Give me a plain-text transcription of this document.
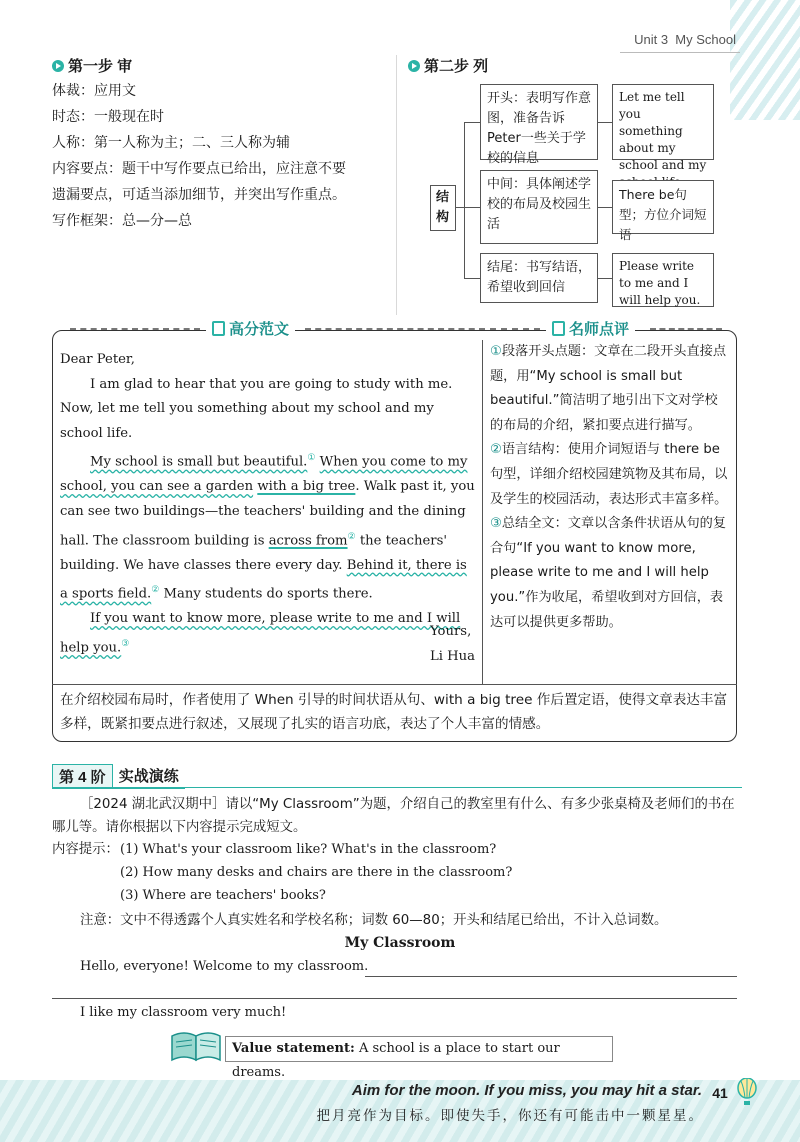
Unit 3 My School
第一步 审
体裁：应用文
时态：一般现在时
人称：第一人称为主；二、三人称为辅
内容要点：题干中写作要点已给出，应注意不要
遗漏要点，可适当添加细节，并突出写作重点。
写作框架：总—分—总
第二步 列
结构
开头：表明写作意图，准备告诉Peter一些关于学校的信息
中间：具体阐述学校的布局及校园生活
结尾：书写结语，希望收到回信
Let me tell you something about my school and my
There be句型；方位介词短语
Please write to me and I will help you.
高分范文	名师点评

Dear Peter,

I am glad to hear that you are going to study with me. Now, let me tell you something about my school and my school life.

My school is small but beautiful.① When you come to my school, you can see a garden with a big tree. Walk past it, you can see two buildings—the teachers' building and the dining hall. The classroom building is across from② the teachers' building. We have classes there every day. Behind it, there is a sports field.② Many students do sports there.

If you want to know more, please write to me and I will help you.③

Yours,
Li Hua

①段落开头点题：文章在二段开头直接点题，用“My school is small but beautiful.”简洁明了地引出下文对学校的布局的介绍，紧扣要点进行描写。

②语言结构：使用介词短语与 there be 句型，详细介绍校园建筑物及其布局，以及学生的校园活动，表达形式丰富多样。

③总结全文：文章以含条件状语从句的复合句“If you want to know more, please write to me and I will help you.”作为收尾，希望收到对方回信，表达可以提供更多帮助。

在介绍校园布局时，作者使用了 When 引导的时间状语从句、with a big tree 作后置定语，使得文章表达丰富多样，既紧扣要点进行叙述，又展现了扎实的语言功底，表达了个人丰富的情感。
第 4 阶 实战演练
［2024 湖北武汉期中］请以“My Classroom”为题，介绍自己的教室里有什么、有多少张桌椅及老师们的书在哪儿等。请你根据以下内容提示完成短文。
内容提示： (1) What's your classroom like? What's in the classroom?
(2) How many desks and chairs are there in the classroom?
(3) Where are teachers' books?
注意：文中不得透露个人真实姓名和学校名称；词数 60—80；开头和结尾已给出，不计入总词数。
My Classroom
Hello, everyone! Welcome to my classroom.
I like my classroom very much!
Value statement: A school is a place to start our dreams.
Aim for the moon. If you miss, you may hit a star.
把月亮作为目标。即使失手，你还有可能击中一颗星星。
41
